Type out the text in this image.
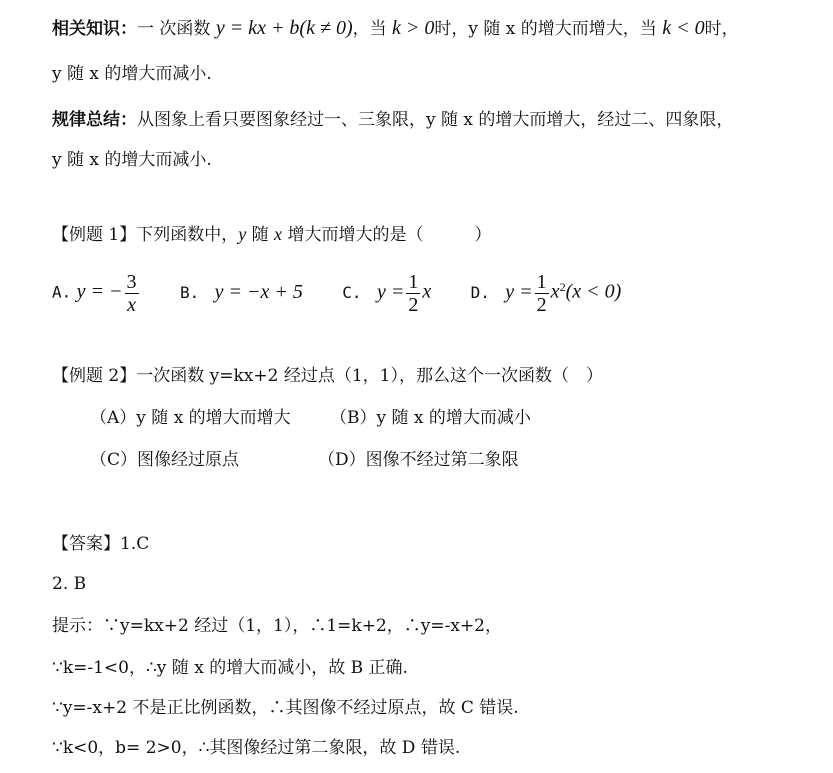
相关知识：一 次函数 y = kx + b(k ≠ 0)，当 k > 0时，y 随 x 的增大而增大，当 k < 0时，
y 随 x 的增大而减小.
规律总结：从图象上看只要图象经过一、三象限，y 随 x 的增大而增大，经过二、四象限，
y 随 x 的增大而减小.
【例题 1】下列函数中，y 随 x 增大而增大的是（　　　）
A. y = − $\frac{3}{x}$	B. y = −x + 5 C. $y = \frac{1}{2}$ x D. $y = \frac{1}{2} x^2(x < 0)$
【例题 2】一次函数 y=kx+2 经过点（1，1），那么这个一次函数（　）
（A）y 随 x 的增大而增大 （B）y 随 x 的增大而减小
（C）图像经过原点	（D）图像不经过第二象限
【答案】1.C
2. B
提示：∵y=kx+2 经过（1，1），∴1=k+2，∴y=-x+2，
∵k=-1<0，∴y 随 x 的增大而减小，故 B 正确.
∵y=-x+2 不是正比例函数，∴其图像不经过原点，故 C 错误.
∵k<0，b= 2>0，∴其图像经过第二象限，故 D 错误.
